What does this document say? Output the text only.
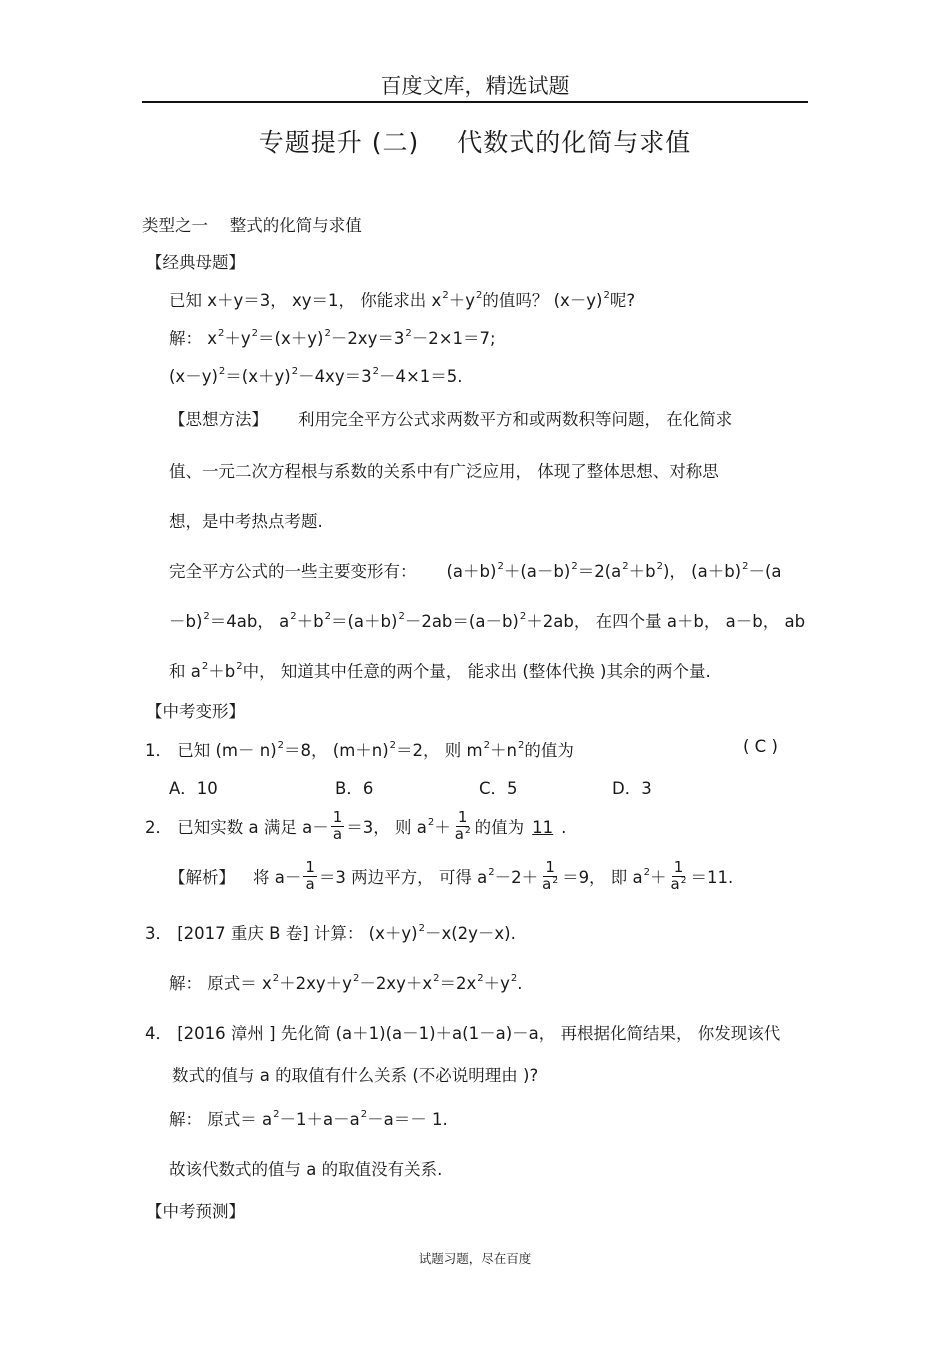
百度文库，精选试题
专题提升 (二) 代数式的化简与求值
类型之一　 整式的化简与求值
【经典母题】
已知 x＋y＝3， xy＝1， 你能求出 $x^2+y^2$的值吗？ $(x-y)^2$呢?
解： $x^2+y^2=(x+y)^2-2xy=3^2-2\times 1=7$;
$(x-y)^2=(x+y)^2-4xy=3^2-4\times 1=5$.
【思想方法】 利用完全平方公式求两数平方和或两数积等问题， 在化简求
值、一元二次方程根与系数的关系中有广泛应用， 体现了整体思想、对称思
想，是中考热点考题.
完全平方公式的一些主要变形有： $(a+b)^2+(a-b)^2=2(a^2+b^2)$， $(a+b)^2-(a$
－b)$^2$＝4ab， $a^2+b^2=(a+b)^2-2ab=(a-b)^2+2ab$， 在四个量 a＋b， a－b， ab
和 $a^2+b^2$中， 知道其中任意的两个量， 能求出 (整体代换 )其余的两个量.
【中考变形】
1． 已知 $(m- n)^2=8$， $(m+n)^2=2$， 则 $m^2+n^2$的值为	( C )
A．10	B．6	C．5	D．3
2． 已知实数 a 满足 $a- \frac{1}{a} =3$， 则 $a^2+ \frac{1}{a^2}$ 的值为 11 .
【解析】 将 $a- \frac{1}{a} =3$ 两边平方， 可得 $a^2-2+ \frac{1}{a^2} =9$， 即 $a^2+ \frac{1}{a^2} =11$.
3． [2017 重庆 B 卷] 计算： $(x+y)^2-x(2y-x)$.
解： 原式＝ $x^2+2xy+y^2-2xy+x^2=2x^2+y^2$.
4． [2016 漳州 ] 先化简 (a＋1)(a－1)＋a(1－a)－a， 再根据化简结果， 你发现该代
数式的值与 a 的取值有什么关系 (不必说明理由 )?
解： 原式＝ $a^2-1+a-a^2-a=- 1$.
故该代数式的值与 a 的取值没有关系.
【中考预测】
试题习题，尽在百度
